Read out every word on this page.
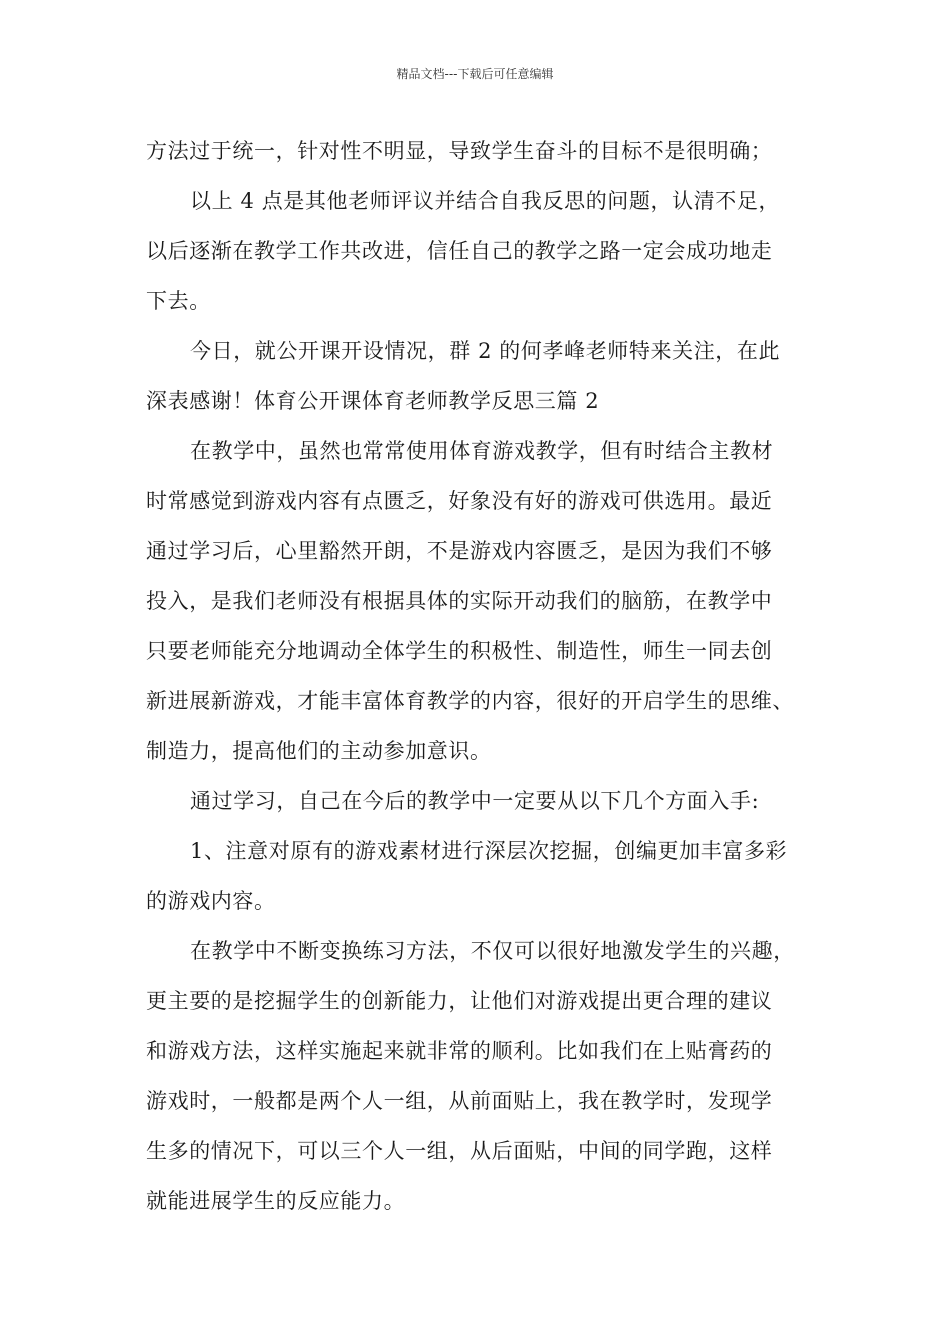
精品文档---下载后可任意编辑
方法过于统一，针对性不明显，导致学生奋斗的目标不是很明确；
以上 4 点是其他老师评议并结合自我反思的问题，认清不足，
以后逐渐在教学工作共改进，信任自己的教学之路一定会成功地走
下去。
今日，就公开课开设情况，群 2 的何孝峰老师特来关注，在此
深表感谢！体育公开课体育老师教学反思三篇 2
在教学中，虽然也常常使用体育游戏教学，但有时结合主教材
时常感觉到游戏内容有点匮乏，好象没有好的游戏可供选用。最近
通过学习后，心里豁然开朗，不是游戏内容匮乏，是因为我们不够
投入，是我们老师没有根据具体的实际开动我们的脑筋，在教学中
只要老师能充分地调动全体学生的积极性、制造性，师生一同去创
新进展新游戏，才能丰富体育教学的内容，很好的开启学生的思维、
制造力，提高他们的主动参加意识。
通过学习，自己在今后的教学中一定要从以下几个方面入手:
1、注意对原有的游戏素材进行深层次挖掘，创编更加丰富多彩
的游戏内容。
在教学中不断变换练习方法，不仅可以很好地激发学生的兴趣，
更主要的是挖掘学生的创新能力，让他们对游戏提出更合理的建议
和游戏方法，这样实施起来就非常的顺利。比如我们在上贴膏药的
游戏时，一般都是两个人一组，从前面贴上，我在教学时，发现学
生多的情况下，可以三个人一组，从后面贴，中间的同学跑，这样
就能进展学生的反应能力。
